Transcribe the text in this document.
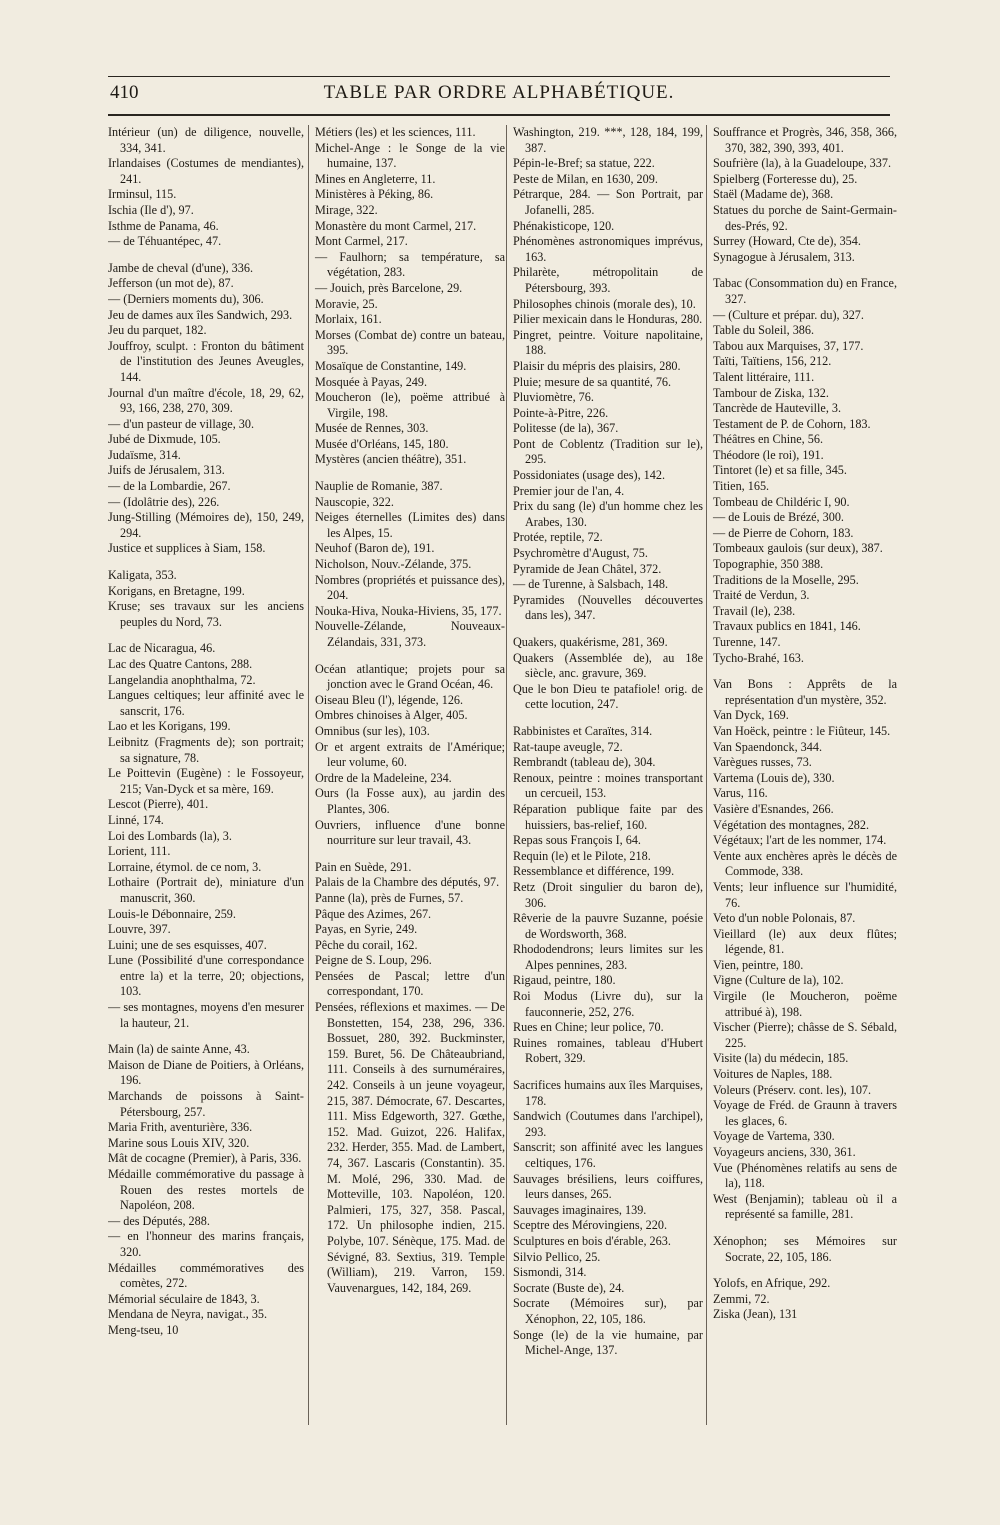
410	TABLE PAR ORDRE ALPHABÉTIQUE.
Intérieur (un) de diligence, nouvelle, 334, 341.
Irlandaises (Costumes de mendiantes), 241.
Irminsul, 115.
Ischia (Ile d'), 97.
Isthme de Panama, 46.
— de Téhuantépec, 47.
Jambe de cheval (d'une), 336.
Jefferson (un mot de), 87.
— (Derniers moments du), 306.
Jeu de dames aux îles Sandwich, 293.
Jeu du parquet, 182.
Jouffroy, sculpt. : Fronton du bâtiment de l'institution des Jeunes Aveugles, 144.
Journal d'un maître d'école, 18, 29, 62, 93, 166, 238, 270, 309.
— d'un pasteur de village, 30.
Jubé de Dixmude, 105.
Judaïsme, 314.
Juifs de Jérusalem, 313.
— de la Lombardie, 267.
— (Idolâtrie des), 226.
Jung-Stilling (Mémoires de), 150, 249, 294.
Justice et supplices à Siam, 158.
Kaligata, 353.
Korigans, en Bretagne, 199.
Kruse; ses travaux sur les anciens peuples du Nord, 73.
Lac de Nicaragua, 46.
Lac des Quatre Cantons, 288.
Langelandia anophthalma, 72.
Langues celtiques; leur affinité avec le sanscrit, 176.
Lao et les Korigans, 199.
Leibnitz (Fragments de); son portrait; sa signature, 78.
Le Poittevin (Eugène) : le Fossoyeur, 215; Van-Dyck et sa mère, 169.
Lescot (Pierre), 401.
Linné, 174.
Loi des Lombards (la), 3.
Lorient, 111.
Lorraine, étymol. de ce nom, 3.
Lothaire (Portrait de), miniature d'un manuscrit, 360.
Louis-le Débonnaire, 259.
Louvre, 397.
Luini; une de ses esquisses, 407.
Lune (Possibilité d'une correspondance entre la) et la terre, 20; objections, 103.
— ses montagnes, moyens d'en mesurer la hauteur, 21.
Main (la) de sainte Anne, 43.
Maison de Diane de Poitiers, à Orléans, 196.
Marchands de poissons à Saint-Pétersbourg, 257.
Maria Frith, aventurière, 336.
Marine sous Louis XIV, 320.
Mât de cocagne (Premier), à Paris, 336.
Médaille commémorative du passage à Rouen des restes mortels de Napoléon, 208.
— des Députés, 288.
— en l'honneur des marins français, 320.
Médailles commémoratives des comètes, 272.
Mémorial séculaire de 1843, 3.
Mendana de Neyra, navigat., 35.
Meng-tseu, 10
Métiers (les) et les sciences, 111.
Michel-Ange : le Songe de la vie humaine, 137.
Mines en Angleterre, 11.
Ministères à Péking, 86.
Mirage, 322.
Monastère du mont Carmel, 217.
Mont Carmel, 217.
— Faulhorn; sa température, sa végétation, 283.
— Jouich, près Barcelone, 29.
Moravie, 25.
Morlaix, 161.
Morses (Combat de) contre un bateau, 395.
Mosaïque de Constantine, 149.
Mosquée à Payas, 249.
Moucheron (le), poëme attribué à Virgile, 198.
Musée de Rennes, 303.
Musée d'Orléans, 145, 180.
Mystères (ancien théâtre), 351.
Nauplie de Romanie, 387.
Nauscopie, 322.
Neiges éternelles (Limites des) dans les Alpes, 15.
Neuhof (Baron de), 191.
Nicholson, Nouv.-Zélande, 375.
Nombres (propriétés et puissance des), 204.
Nouka-Hiva, Nouka-Hiviens, 35, 177.
Nouvelle-Zélande, Nouveaux-Zélandais, 331, 373.
Océan atlantique; projets pour sa jonction avec le Grand Océan, 46.
Oiseau Bleu (l'), légende, 126.
Ombres chinoises à Alger, 405.
Omnibus (sur les), 103.
Or et argent extraits de l'Amérique; leur volume, 60.
Ordre de la Madeleine, 234.
Ours (la Fosse aux), au jardin des Plantes, 306.
Ouvriers, influence d'une bonne nourriture sur leur travail, 43.
Pain en Suède, 291.
Palais de la Chambre des députés, 97.
Panne (la), près de Furnes, 57.
Pâque des Azimes, 267.
Payas, en Syrie, 249.
Pêche du corail, 162.
Peigne de S. Loup, 296.
Pensées de Pascal; lettre d'un correspondant, 170.
Pensées, réflexions et maximes. — De Bonstetten, 154, 238, 296, 336. Bossuet, 280, 392. Buckminster, 159. Buret, 56. De Châteaubriand, 111. Conseils à des surnuméraires, 242. Conseils à un jeune voyageur, 215, 387. Démocrate, 67. Descartes, 111. Miss Edgeworth, 327. Gœthe, 152. Mad. Guizot, 226. Halifax, 232. Herder, 355. Mad. de Lambert, 74, 367. Lascaris (Constantin). 35. M. Molé, 296, 330. Mad. de Motteville, 103. Napoléon, 120. Palmieri, 175, 327, 358. Pascal, 172. Un philosophe indien, 215. Polybe, 107. Sénèque, 175. Mad. de Sévigné, 83. Sextius, 319. Temple (William), 219. Varron, 159. Vauvenargues, 142, 184, 269.
Washington, 219. ***, 128, 184, 199, 387.
Pépin-le-Bref; sa statue, 222.
Peste de Milan, en 1630, 209.
Pétrarque, 284. — Son Portrait, par Jofanelli, 285.
Phénakisticope, 120.
Phénomènes astronomiques imprévus, 163.
Philarète, métropolitain de Pétersbourg, 393.
Philosophes chinois (morale des), 10.
Pilier mexicain dans le Honduras, 280.
Pingret, peintre. Voiture napolitaine, 188.
Plaisir du mépris des plaisirs, 280.
Pluie; mesure de sa quantité, 76.
Pluviomètre, 76.
Pointe-à-Pitre, 226.
Politesse (de la), 367.
Pont de Coblentz (Tradition sur le), 295.
Possidoniates (usage des), 142.
Premier jour de l'an, 4.
Prix du sang (le) d'un homme chez les Arabes, 130.
Protée, reptile, 72.
Psychromètre d'August, 75.
Pyramide de Jean Châtel, 372.
— de Turenne, à Salsbach, 148.
Pyramides (Nouvelles découvertes dans les), 347.
Quakers, quakérisme, 281, 369.
Quakers (Assemblée de), au 18e siècle, anc. gravure, 369.
Que le bon Dieu te patafiole! orig. de cette locution, 247.
Rabbinistes et Caraïtes, 314.
Rat-taupe aveugle, 72.
Rembrandt (tableau de), 304.
Renoux, peintre : moines transportant un cercueil, 153.
Réparation publique faite par des huissiers, bas-relief, 160.
Repas sous François I, 64.
Requin (le) et le Pilote, 218.
Ressemblance et différence, 199.
Retz (Droit singulier du baron de), 306.
Rêverie de la pauvre Suzanne, poésie de Wordsworth, 368.
Rhododendrons; leurs limites sur les Alpes pennines, 283.
Rigaud, peintre, 180.
Roi Modus (Livre du), sur la fauconnerie, 252, 276.
Rues en Chine; leur police, 70.
Ruines romaines, tableau d'Hubert Robert, 329.
Sacrifices humains aux îles Marquises, 178.
Sandwich (Coutumes dans l'archipel), 293.
Sanscrit; son affinité avec les langues celtiques, 176.
Sauvages brésiliens, leurs coiffures, leurs danses, 265.
Sauvages imaginaires, 139.
Sceptre des Mérovingiens, 220.
Sculptures en bois d'érable, 263.
Silvio Pellico, 25.
Sismondi, 314.
Socrate (Buste de), 24.
Socrate (Mémoires sur), par Xénophon, 22, 105, 186.
Songe (le) de la vie humaine, par Michel-Ange, 137.
Souffrance et Progrès, 346, 358, 366, 370, 382, 390, 393, 401.
Soufrière (la), à la Guadeloupe, 337.
Spielberg (Forteresse du), 25.
Staël (Madame de), 368.
Statues du porche de Saint-Germain-des-Prés, 92.
Surrey (Howard, Cte de), 354.
Synagogue à Jérusalem, 313.
Tabac (Consommation du) en France, 327.
— (Culture et prépar. du), 327.
Table du Soleil, 386.
Tabou aux Marquises, 37, 177.
Taïti, Taïtiens, 156, 212.
Talent littéraire, 111.
Tambour de Ziska, 132.
Tancrède de Hauteville, 3.
Testament de P. de Cohorn, 183.
Théâtres en Chine, 56.
Théodore (le roi), 191.
Tintoret (le) et sa fille, 345.
Titien, 165.
Tombeau de Childéric I, 90.
— de Louis de Brézé, 300.
— de Pierre de Cohorn, 183.
Tombeaux gaulois (sur deux), 387.
Topographie, 350 388.
Traditions de la Moselle, 295.
Traité de Verdun, 3.
Travail (le), 238.
Travaux publics en 1841, 146.
Turenne, 147.
Tycho-Brahé, 163.
Van Bons : Apprêts de la représentation d'un mystère, 352.
Van Dyck, 169.
Van Hoëck, peintre : le Fiûteur, 145.
Van Spaendonck, 344.
Varègues russes, 73.
Vartema (Louis de), 330.
Varus, 116.
Vasière d'Esnandes, 266.
Végétation des montagnes, 282.
Végétaux; l'art de les nommer, 174.
Vente aux enchères après le décès de Commode, 338.
Vents; leur influence sur l'humidité, 76.
Veto d'un noble Polonais, 87.
Vieillard (le) aux deux flûtes; légende, 81.
Vien, peintre, 180.
Vigne (Culture de la), 102.
Virgile (le Moucheron, poëme attribué à), 198.
Vischer (Pierre); châsse de S. Sébald, 225.
Visite (la) du médecin, 185.
Voitures de Naples, 188.
Voleurs (Préserv. cont. les), 107.
Voyage de Fréd. de Graunn à travers les glaces, 6.
Voyage de Vartema, 330.
Voyageurs anciens, 330, 361.
Vue (Phénomènes relatifs au sens de la), 118.
West (Benjamin); tableau où il a représenté sa famille, 281.
Xénophon; ses Mémoires sur Socrate, 22, 105, 186.
Yolofs, en Afrique, 292.
Zemmi, 72.
Ziska (Jean), 131
